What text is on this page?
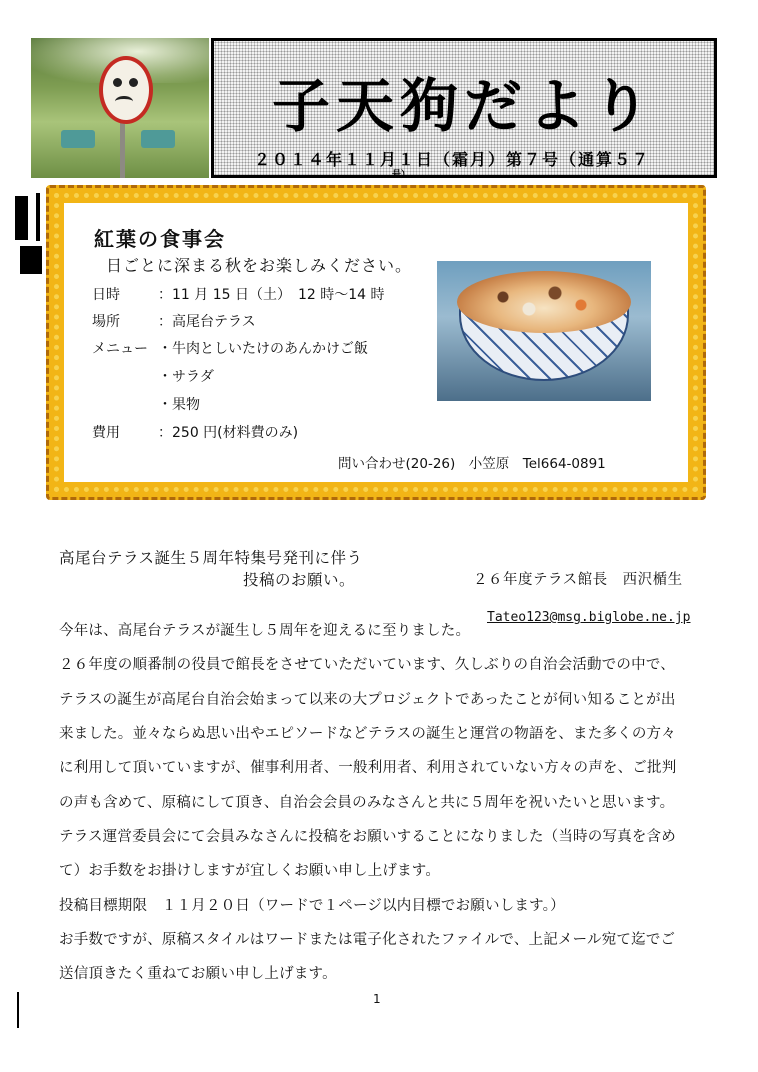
子天狗だより
２０１４年１１月１日（霜月）第７号（通算５７
号）
紅葉の食事会
日ごとに深まる秋をお楽しみください。
日時	：11 月 15 日（土）　12 時～14 時
場所	：高尾台テラス
メニュー ・牛肉としいたけのあんかけご飯
・サラダ
・果物
費用	：250 円(材料費のみ)
問い合わせ(20-26)　小笠原　Tel664-0891
高尾台テラス誕生５周年特集号発刊に伴う
投稿のお願い。	２６年度テラス館長　西沢楯生
Tateo123@msg.biglobe.ne.jp
今年は、高尾台テラスが誕生し５周年を迎えるに至りました。
２６年度の順番制の役員で館長をさせていただいています、久しぶりの自治会活動での中で、
テラスの誕生が高尾台自治会始まって以来の大プロジェクトであったことが伺い知ることが出
来ました。並々ならぬ思い出やエピソードなどテラスの誕生と運営の物語を、また多くの方々
に利用して頂いていますが、催事利用者、一般利用者、利用されていない方々の声を、ご批判
の声も含めて、原稿にして頂き、自治会会員のみなさんと共に５周年を祝いたいと思います。
テラス運営委員会にて会員みなさんに投稿をお願いすることになりました（当時の写真を含め
て）お手数をお掛けしますが宜しくお願い申し上げます。
投稿目標期限　１１月２０日（ワードで１ページ以内目標でお願いします。）
お手数ですが、原稿スタイルはワードまたは電子化されたファイルで、上記メール宛て迄でご
送信頂きたく重ねてお願い申し上げます。
1
